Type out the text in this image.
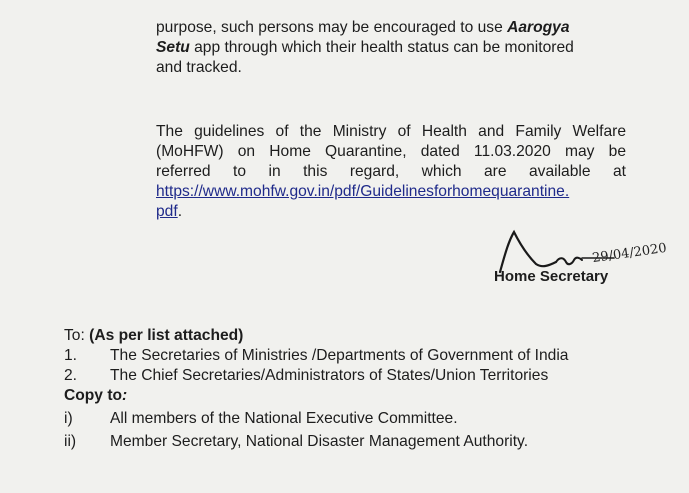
purpose, such persons may be encouraged to use Aarogya
Setu app through which their health status can be monitored
and tracked.
The guidelines of the Ministry of Health and Family Welfare
(MoHFW) on Home Quarantine, dated 11.03.2020 may be
referred to in this regard, which are available at
https://www.mohfw.gov.in/pdf/Guidelinesforhomequarantine.
pdf.
29/04/2020
Home Secretary
To: (As per list attached)
1. The Secretaries of Ministries /Departments of Government of India
2. The Chief Secretaries/Administrators of States/Union Territories
Copy to:
i) All members of the National Executive Committee.
ii) Member Secretary, National Disaster Management Authority.
